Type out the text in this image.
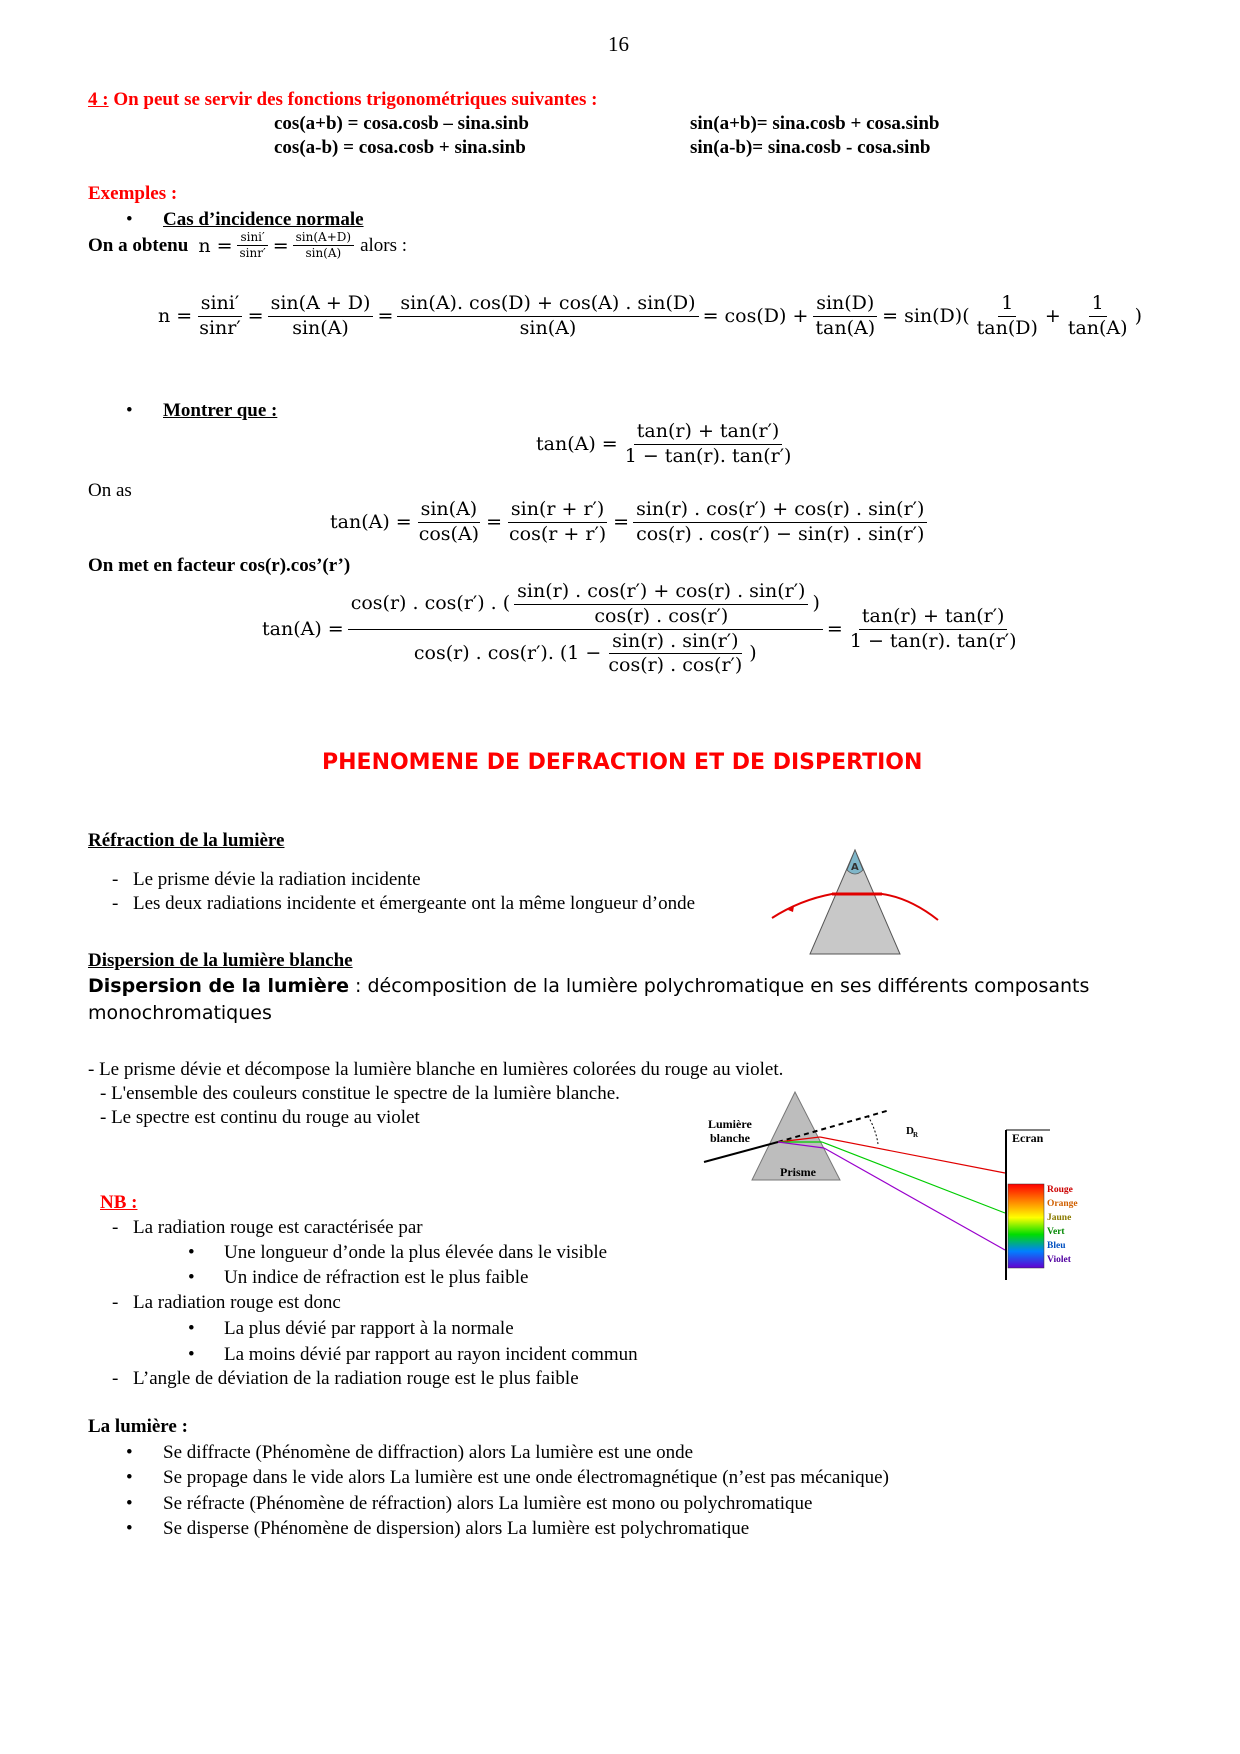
16
4 : On peut se servir des fonctions trigonométriques suivantes :
cos(a+b) = cosa.cosb – sina.sinb
cos(a-b) = cosa.cosb + sina.sinb
sin(a+b)= sina.cosb + cosa.sinb
sin(a-b)= sina.cosb - cosa.sinb
Exemples :
• Cas d’incidence normale
On a obtenu $n = \frac{\sin i'}{\sin r'} = \frac{\sin(A+D)}{\sin(A)}$ alors :
$n = \frac{\sin i'}{\sin r'} = \frac{\sin(A + D)}{\sin(A)} = \frac{\sin(A). \cos(D) + \cos(A) . \sin(D)}{\sin(A)} = \cos(D) + \frac{\sin(D)}{\tan(A)} = \sin(D)( \frac{1}{\tan(D)} + \frac{1}{\tan(A)}$ )
• Montrer que :
$\tan(A) = \frac{\tan(r) + \tan(r')}{1 - \tan(r). \tan(r')}$
On as
$\tan(A) = \frac{\sin(A)}{\cos(A)} = \frac{\sin(r + r')}{\cos(r + r')} = \frac{\sin(r) . \cos(r') + \cos(r) . \sin(r')}{\cos(r) . \cos(r') - \sin(r) . \sin(r')}$
On met en facteur cos(r).cos’(r’)
tan(A) =
cos(r) . cos(r′) . ( $\frac{\sin(r) . \cos(r') + \cos(r) . \sin(r')}{\cos(r) . \cos(r')}$ )
cos(r) . cos(r′). ($1 - \frac{\sin(r) . \sin(r')}{\cos(r) . \cos(r')}$ )
= $\frac{\tan(r) + \tan(r')}{1 - \tan(r). \tan(r')}$
PHENOMENE DE DEFRACTION ET DE DISPERTION
Réfraction de la lumière
- Le prisme dévie la radiation incidente
- Les deux radiations incidente et émergeante ont la même longueur d’onde
A
Dispersion de la lumière blanche
Dispersion de la lumière : décomposition de la lumière polychromatique en ses différents composants
monochromatiques
- Le prisme dévie et décompose la lumière blanche en lumières colorées du rouge au violet.
- L'ensemble des couleurs constitue le spectre de la lumière blanche.
- Le spectre est continu du rouge au violet
D R
Lumière
blanche
Prisme
Ecran
Rouge
Orange
Jaune
Vert
Bleu
Violet
NB :
- La radiation rouge est caractérisée par
• Une longueur d’onde la plus élevée dans le visible
• Un indice de réfraction est le plus faible
- La radiation rouge est donc
• La plus dévié par rapport à la normale
• La moins dévié par rapport au rayon incident commun
- L’angle de déviation de la radiation rouge est le plus faible
La lumière :
• Se diffracte (Phénomène de diffraction) alors La lumière est une onde
• Se propage dans le vide alors La lumière est une onde électromagnétique (n’est pas mécanique)
• Se réfracte (Phénomène de réfraction) alors La lumière est mono ou polychromatique
• Se disperse (Phénomène de dispersion) alors La lumière est polychromatique
